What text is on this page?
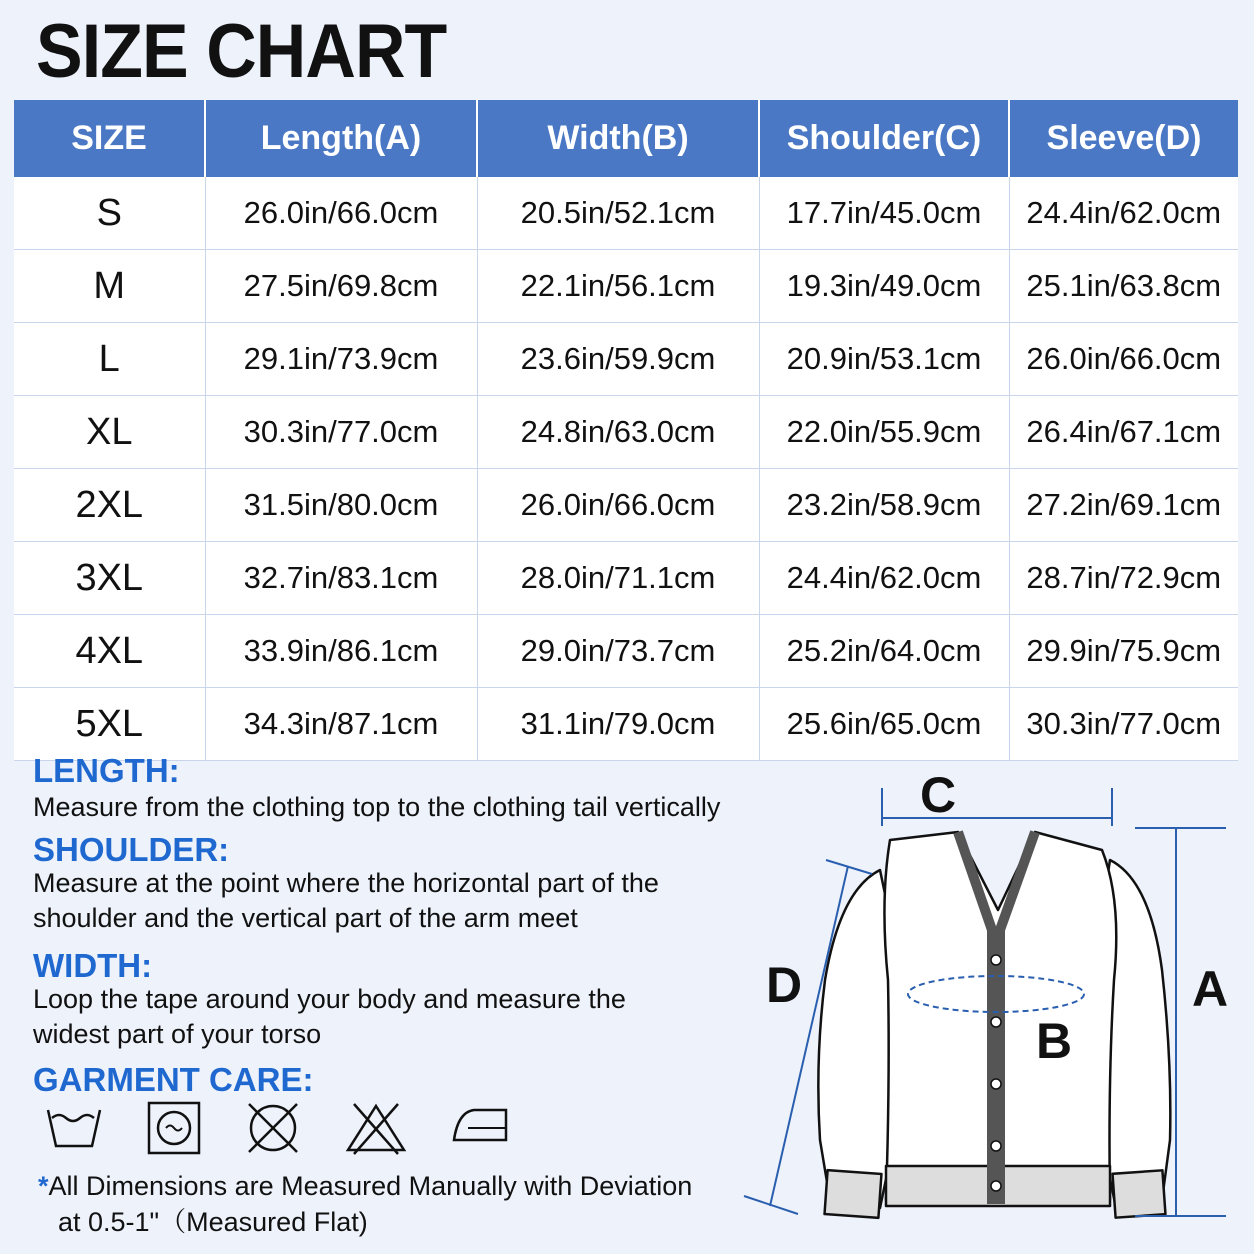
SIZE CHART
SIZE	Length(A)	Width(B)	Shoulder(C)	Sleeve(D)
S	26.0in/66.0cm	20.5in/52.1cm	17.7in/45.0cm	24.4in/62.0cm
M	27.5in/69.8cm	22.1in/56.1cm	19.3in/49.0cm	25.1in/63.8cm
L	29.1in/73.9cm	23.6in/59.9cm	20.9in/53.1cm	26.0in/66.0cm
XL	30.3in/77.0cm	24.8in/63.0cm	22.0in/55.9cm	26.4in/67.1cm
2XL	31.5in/80.0cm	26.0in/66.0cm	23.2in/58.9cm	27.2in/69.1cm
3XL	32.7in/83.1cm	28.0in/71.1cm	24.4in/62.0cm	28.7in/72.9cm
4XL	33.9in/86.1cm	29.0in/73.7cm	25.2in/64.0cm	29.9in/75.9cm
5XL	34.3in/87.1cm	31.1in/79.0cm	25.6in/65.0cm	30.3in/77.0cm
LENGTH:
Measure from the clothing top to the clothing tail vertically
SHOULDER:
Measure at the point where the horizontal part of the
shoulder and the vertical part of the arm meet
WIDTH:
Loop the tape around your body and measure the
widest part of your torso
GARMENT CARE:
*All Dimensions are Measured Manually with Deviation
at 0.5-1"（Measured Flat)
C
D
B
A
